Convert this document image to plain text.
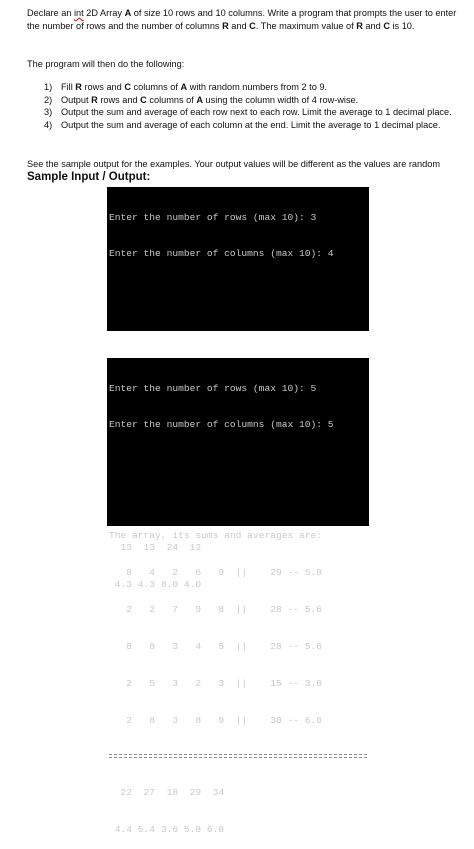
Declare an int 2D Array A of size 10 rows and 10 columns. Write a program that prompts the user to enter the number of rows and the number of columns R and C. The maximum value of R and C is 10.
The program will then do the following:
1) Fill R rows and C columns of A with random numbers from 2 to 9.
2) Output R rows and C columns of A using the column width of 4 row-wise.
3) Output the sum and average of each row next to each row. Limit the average to 1 decimal place.
4) Output the sum and average of each column at the end. Limit the average to 1 decimal place.
See the sample output for the examples. Your output values will be different as the values are random
Sample Input / Output:

Enter the number of rows (max 10): 3

Enter the number of columns (max 10): 4

13  13  24  12

4.3 4.3 8.0 4.0

Enter the number of rows (max 10): 5

Enter the number of columns (max 10): 5

The array, its sums and averages are:

8   4   2   6   9  ||    29 -- 5.8

2   2   7   9   8  ||    28 -- 5.6

8   8   3   4   5  ||    28 -- 5.6

2   5   3   2   3  ||    15 -- 3.0

2   8   3   8   9  ||    30 -- 6.0

22  27  18  29  34

4.4 5.4 3.6 5.8 6.8
